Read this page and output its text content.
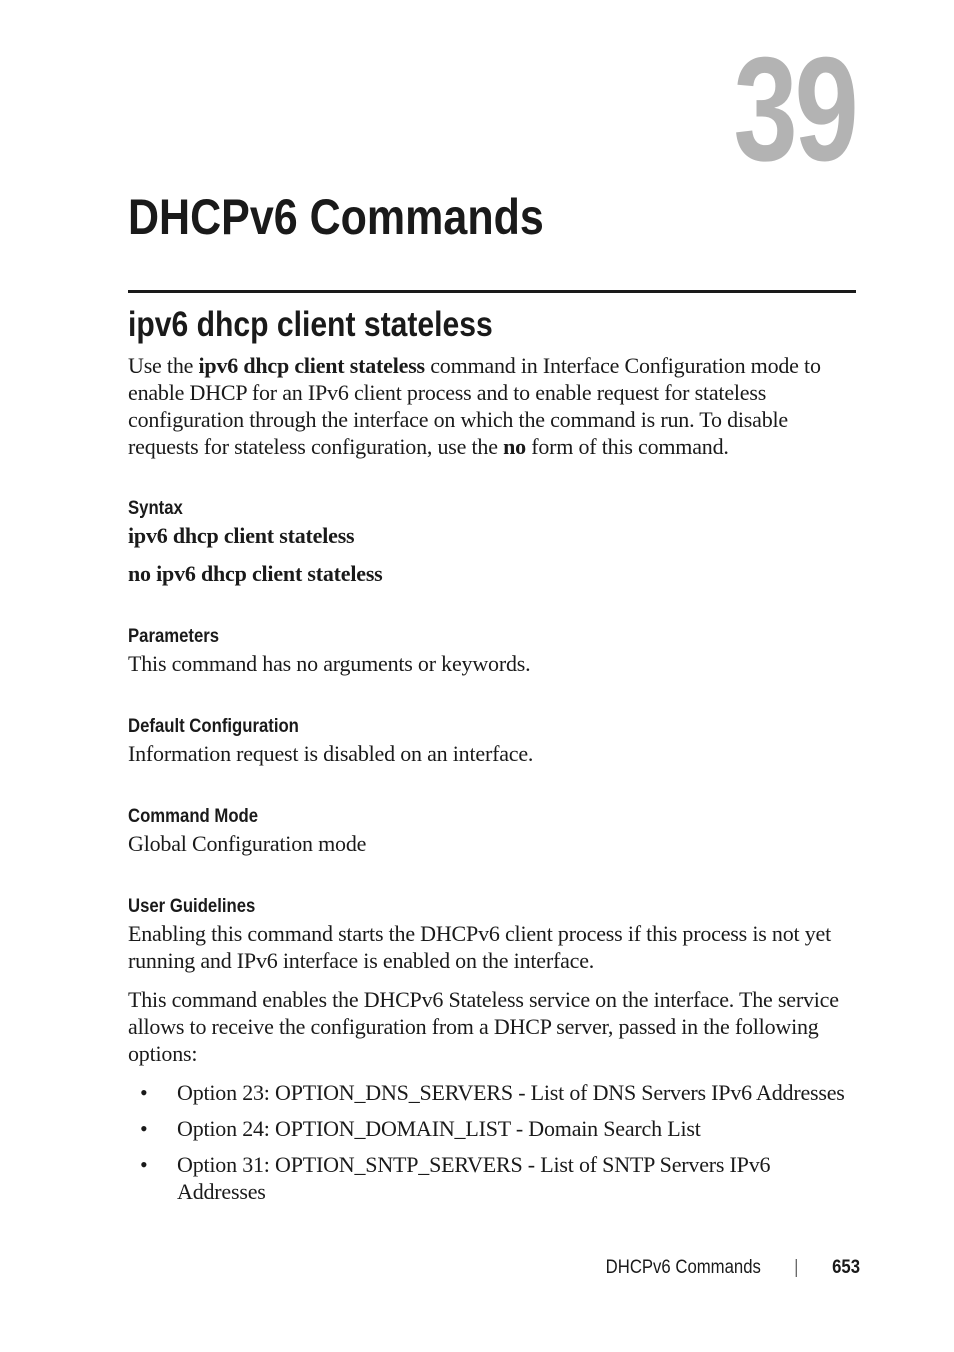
39
DHCPv6 Commands
ipv6 dhcp client stateless

Use the ipv6 dhcp client stateless command in Interface Configuration mode to enable DHCP for an IPv6 client process and to enable request for stateless configuration through the interface on which the command is run. To disable requests for stateless configuration, use the no form of this command.

Syntax

ipv6 dhcp client stateless

no ipv6 dhcp client stateless

Parameters

This command has no arguments or keywords.

Default Configuration

Information request is disabled on an interface.

Command Mode

Global Configuration mode

User Guidelines

Enabling this command starts the DHCPv6 client process if this process is not yet running and IPv6 interface is enabled on the interface.

This command enables the DHCPv6 Stateless service on the interface. The service allows to receive the configuration from a DHCP server, passed in the following options:

• Option 23: OPTION_DNS_SERVERS - List of DNS Servers IPv6 Addresses
• Option 24: OPTION_DOMAIN_LIST - Domain Search List
• Option 31: OPTION_SNTP_SERVERS - List of SNTP Servers IPv6 Addresses
DHCPv6 Commands	653
